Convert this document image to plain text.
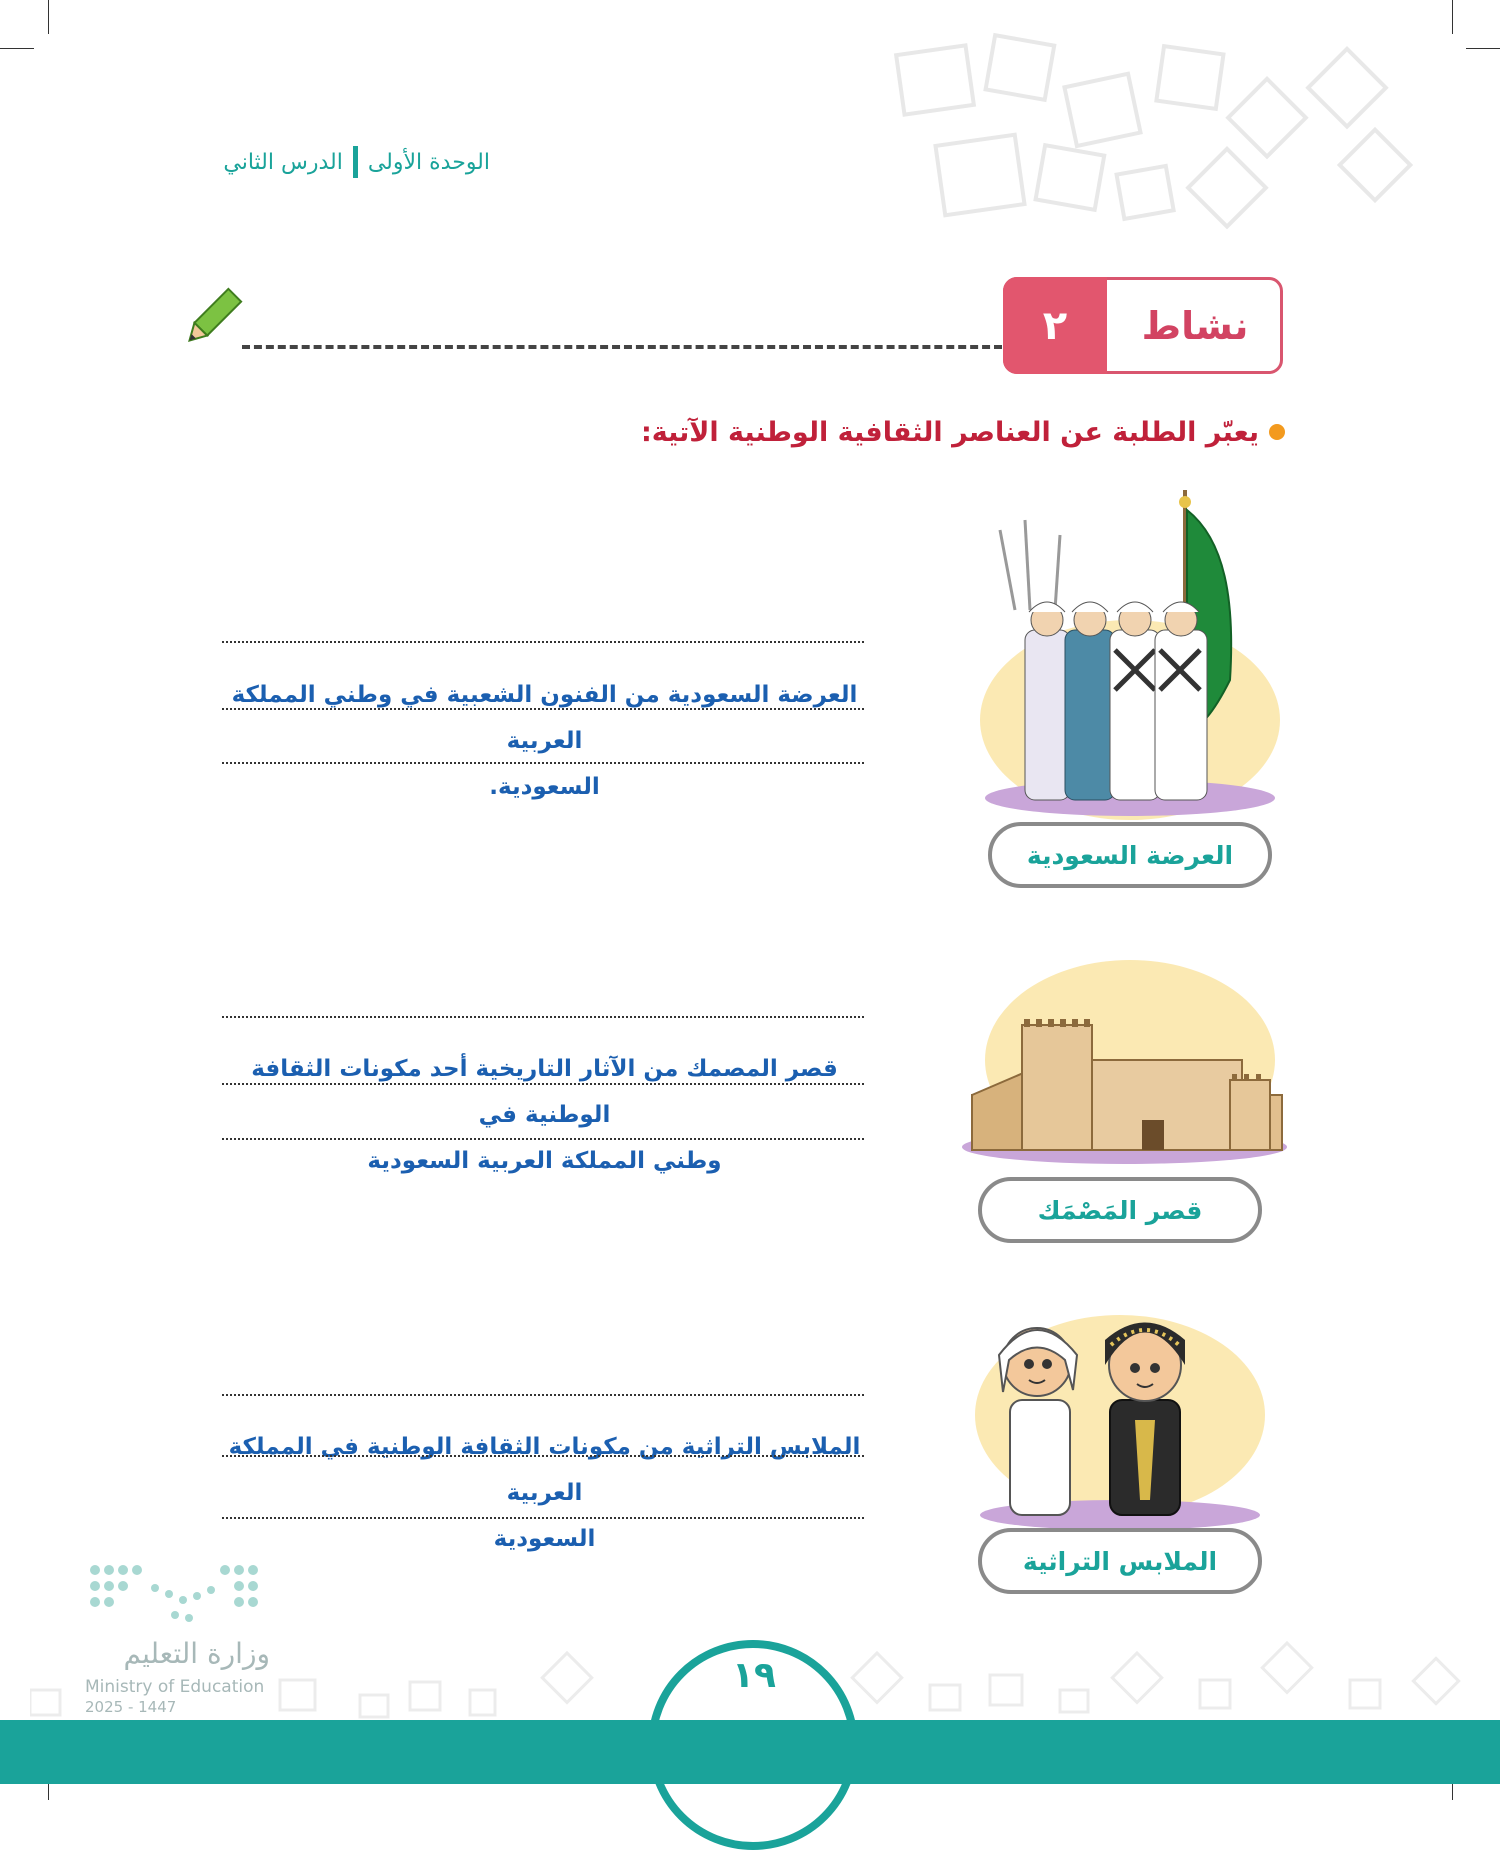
الوحدة الأولى
الدرس الثاني
٢	نشاط
يعبّر الطلبة عن العناصر الثقافية الوطنية الآتية:
العرضة السعودية
العرضة السعودية من الفنون الشعبية في وطني المملكة العربية
السعودية.
قصر المَصْمَك
قصر المصمك من الآثار التاريخية أحد مكونات الثقافة الوطنية في
وطني المملكة العربية السعودية
الملابس التراثية
الملابس التراثية من مكونات الثقافة الوطنية في المملكة العربية
السعودية
وزارة التعليم
Ministry of Education
2025 - 1447
١٩
